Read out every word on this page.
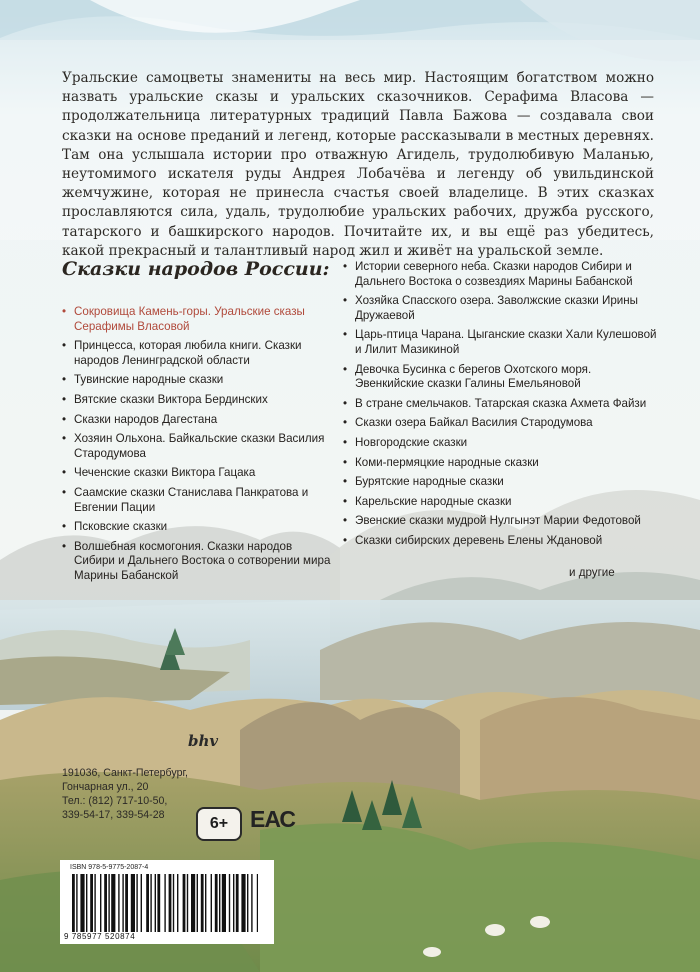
Уральские самоцветы знамениты на весь мир. Настоящим богатством можно назвать уральские сказы и уральских сказочников. Серафима Власова — продолжательница литературных традиций Павла Бажова — создавала свои сказки на основе преданий и легенд, которые рассказывали в местных деревнях. Там она услышала истории про отважную Агидель, трудолюбивую Маланью, неутомимого искателя руды Андрея Лобачёва и легенду об увильдинской жемчужине, которая не принесла счастья своей владелице. В этих сказках прославляются сила, удаль, трудолюбие уральских рабочих, дружба русского, татарского и башкирского народов. Почитайте их, и вы ещё раз убедитесь, какой прекрасный и талантливый народ жил и живёт на уральской земле.
Сказки народов России:
• Сокровища Камень-горы. Уральские сказы Серафимы Власовой
• Принцесса, которая любила книги. Сказки народов Ленинградской области
• Тувинские народные сказки
• Вятские сказки Виктора Бердинских
• Сказки народов Дагестана
• Хозяин Ольхона. Байкальские сказки Василия Стародумова
• Чеченские сказки Виктора Гацака
• Саамские сказки Станислава Панкратова и Евгении Пации
• Псковские сказки
• Волшебная космогония. Сказки народов Сибири и Дальнего Востока о сотворении мира Марины Бабанской
• Истории северного неба. Сказки народов Сибири и Дальнего Востока о созвездиях Марины Бабанской
• Хозяйка Спасского озера. Заволжские сказки Ирины Дружаевой
• Царь-птица Чарана. Цыганские сказки Хали Кулешовой и Лилит Мазикиной
• Девочка Бусинка с берегов Охотского моря. Эвенкийские сказки Галины Емельяновой
• В стране смельчаков. Татарская сказка Ахмета Файзи
• Сказки озера Байкал Василия Стародумова
• Новгородские сказки
• Коми-пермяцкие народные сказки
• Бурятские народные сказки
• Карельские народные сказки
• Эвенские сказки мудрой Нулгынэт Марии Федотовой
• Сказки сибирских деревень Елены Ждановой
и другие
bhv
191036, Санкт-Петербург,
Гончарная ул., 20
Тел.: (812) 717-10-50,
339-54-17, 339-54-28	6+ ЕАС
ISBN 978-5-9775-2087-4
9 785977 520874
